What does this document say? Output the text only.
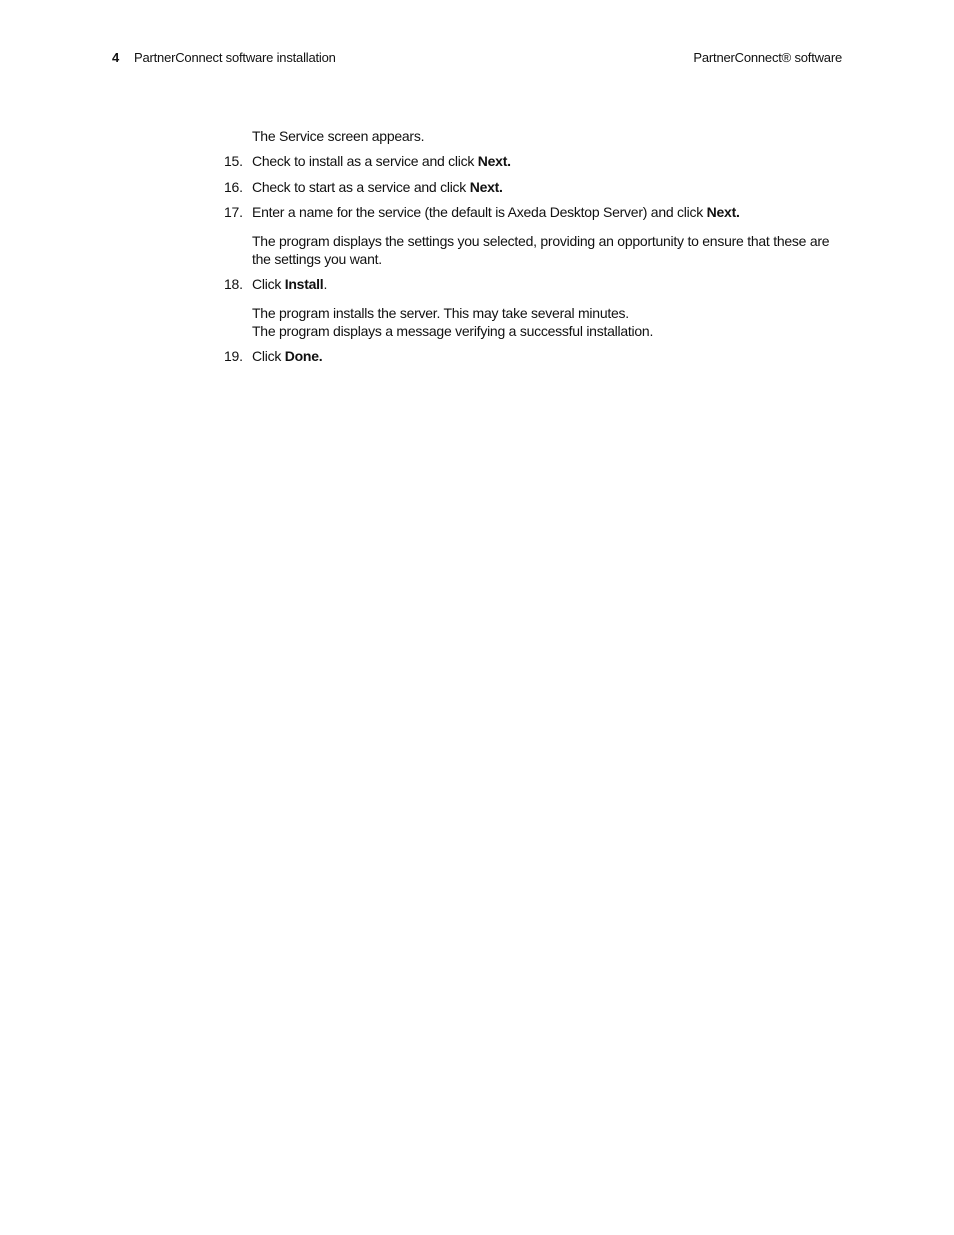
4 PartnerConnect software installation	PartnerConnect® software
The Service screen appears.
15. Check to install as a service and click Next.
16. Check to start as a service and click Next.
17. Enter a name for the service (the default is Axeda Desktop Server) and click Next.
The program displays the settings you selected, providing an opportunity to ensure that these are the settings you want.
18. Click Install.
The program installs the server. This may take several minutes.
The program displays a message verifying a successful installation.
19. Click Done.
